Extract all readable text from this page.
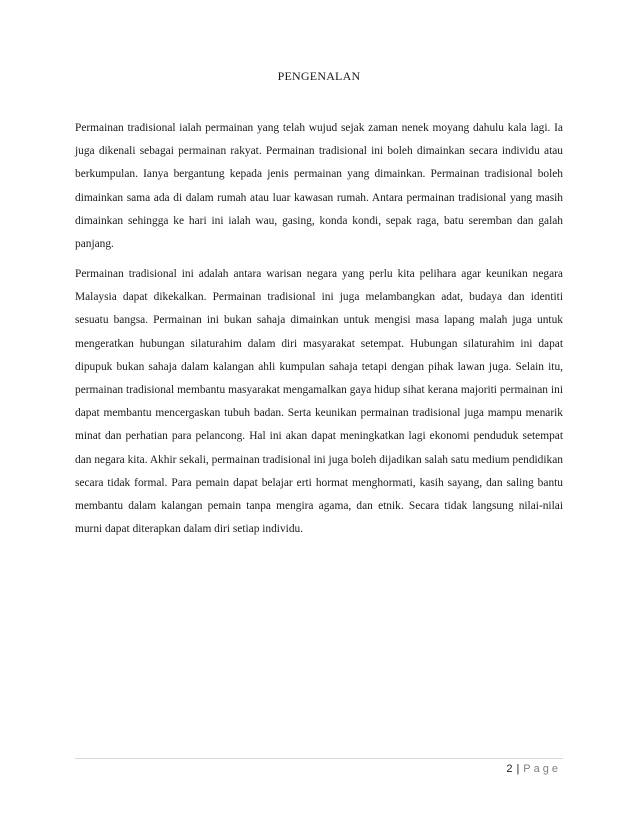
PENGENALAN

Permainan tradisional ialah permainan yang telah wujud sejak zaman nenek moyang dahulu kala lagi. Ia juga dikenali sebagai permainan rakyat. Permainan tradisional ini boleh dimainkan secara individu atau berkumpulan. Ianya bergantung kepada jenis permainan yang dimainkan. Permainan tradisional boleh dimainkan sama ada di dalam rumah atau luar kawasan rumah. Antara permainan tradisional yang masih dimainkan sehingga ke hari ini ialah wau, gasing, konda kondi, sepak raga, batu seremban dan galah panjang.

Permainan tradisional ini adalah antara warisan negara yang perlu kita pelihara agar keunikan negara Malaysia dapat dikekalkan. Permainan tradisional ini juga melambangkan adat, budaya dan identiti sesuatu bangsa. Permainan ini bukan sahaja dimainkan untuk mengisi masa lapang malah juga untuk mengeratkan hubungan silaturahim dalam diri masyarakat setempat. Hubungan silaturahim ini dapat dipupuk bukan sahaja dalam kalangan ahli kumpulan sahaja tetapi dengan pihak lawan juga. Selain itu, permainan tradisional membantu masyarakat mengamalkan gaya hidup sihat kerana majoriti permainan ini dapat membantu mencergaskan tubuh badan. Serta keunikan permainan tradisional juga mampu menarik minat dan perhatian para pelancong. Hal ini akan dapat meningkatkan lagi ekonomi penduduk setempat dan negara kita. Akhir sekali, permainan tradisional ini juga boleh dijadikan salah satu medium pendidikan secara tidak formal. Para pemain dapat belajar erti hormat menghormati, kasih sayang, dan saling bantu membantu dalam kalangan pemain tanpa mengira agama, dan etnik. Secara tidak langsung nilai-nilai murni dapat diterapkan dalam diri setiap individu.

2 | Page
